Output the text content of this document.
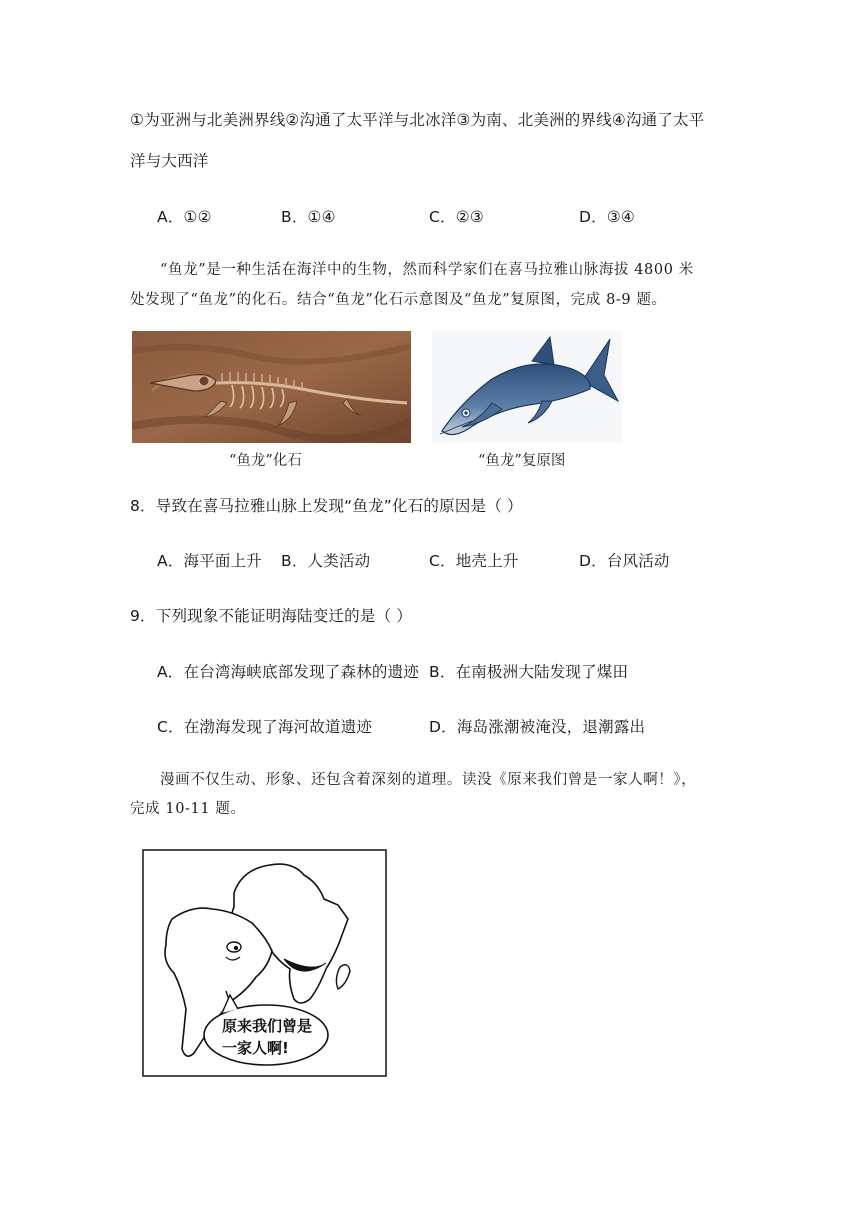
①为亚洲与北美洲界线②沟通了太平洋与北冰洋③为南、北美洲的界线④沟通了太平
洋与大西洋
A．①②	B．①④	C．②③	D．③④
“鱼龙”是一种生活在海洋中的生物，然而科学家们在喜马拉雅山脉海拔 4800 米
处发现了“鱼龙”的化石。结合“鱼龙”化石示意图及“鱼龙”复原图，完成 8-9 题。
“鱼龙”化石	“鱼龙”复原图
8．导致在喜马拉雅山脉上发现“鱼龙”化石的原因是（ ）
A．海平面上升 B．人类活动	C．地壳上升	D．台风活动
9．下列现象不能证明海陆变迁的是（ ）
A．在台湾海峡底部发现了森林的遗迹 B．在南极洲大陆发现了煤田
C．在渤海发现了海河故道遗迹	D．海岛涨潮被淹没，退潮露出
漫画不仅生动、形象、还包含着深刻的道理。读没《原来我们曾是一家人啊！》，
完成 10-11 题。
原来我们曾是
一家人啊!
